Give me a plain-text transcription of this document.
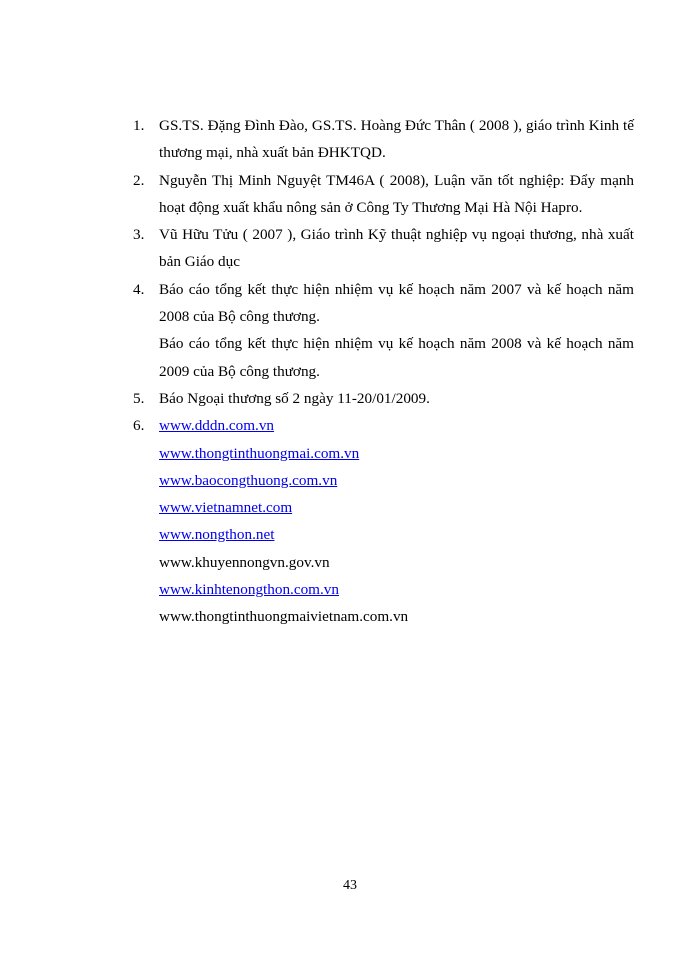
1. GS.TS. Đặng Đình Đào, GS.TS. Hoàng Đức Thân ( 2008 ), giáo trình Kinh tế thương mại, nhà xuất bản ĐHKTQD.
2. Nguyễn Thị Minh Nguyệt TM46A ( 2008), Luận văn tốt nghiệp: Đẩy mạnh hoạt động xuất khẩu nông sản ở Công Ty Thương Mại Hà Nội Hapro.
3. Vũ Hữu Tửu ( 2007 ), Giáo trình Kỹ thuật nghiệp vụ ngoại thương, nhà xuất bản Giáo dục
4. Báo cáo tổng kết thực hiện nhiệm vụ kế hoạch năm 2007 và kế hoạch năm 2008 của Bộ công thương.
Báo cáo tổng kết thực hiện nhiệm vụ kế hoạch năm 2008 và kế hoạch năm 2009 của Bộ công thương.
5. Báo Ngoại thương số 2 ngày 11-20/01/2009.
6. www.dddn.com.vn
www.thongtinthuongmai.com.vn
www.baocongthuong.com.vn
www.vietnamnet.com
www.nongthon.net
www.khuyennongvn.gov.vn
www.kinhtenongthon.com.vn
www.thongtinthuongmaivietnam.com.vn
43
